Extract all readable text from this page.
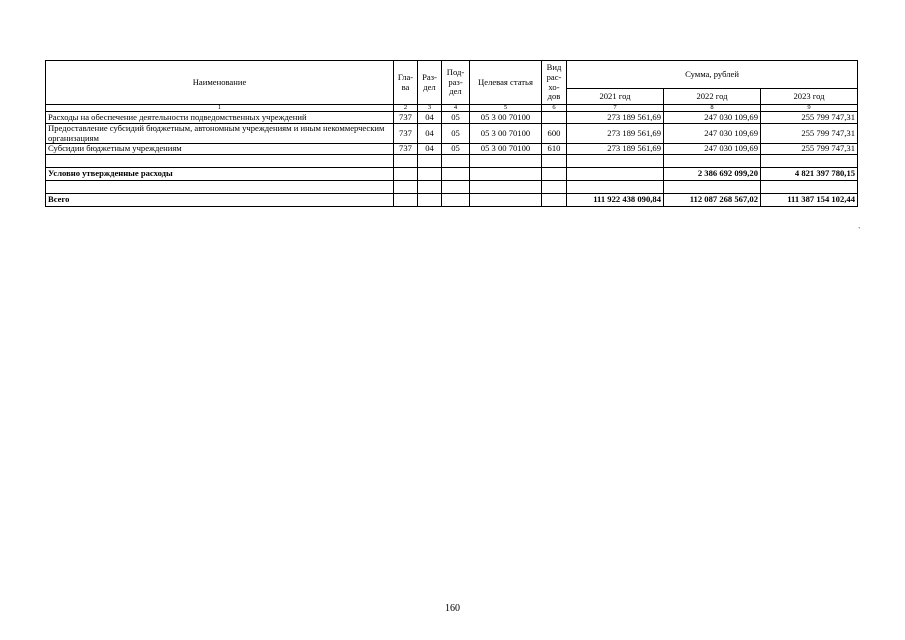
Наименование	Гла-ва	Раз-дел	Под-раз-дел	Целевая статья	Вид рас-хо-дов	Сумма, рублей		
						2021 год	2022 год	2023 год
1	2	3	4	5	6	7	8	9
Расходы на обеспечение деятельности подведомственных учреждений	737	04	05	05 3 00 70100		273 189 561,69	247 030 109,69	255 799 747,31
Предоставление субсидий бюджетным, автономным учреждениям и иным некоммерческим организациям	737	04	05	05 3 00 70100	600	273 189 561,69	247 030 109,69	255 799 747,31
Субсидии бюджетным учреждениям	737	04	05	05 3 00 70100	610	273 189 561,69	247 030 109,69	255 799 747,31

Условно утвержденные расходы							2 386 692 099,20	4 821 397 780,15

Всего						111 922 438 090,84	112 087 268 567,02	111 387 154 102,44
`
160
